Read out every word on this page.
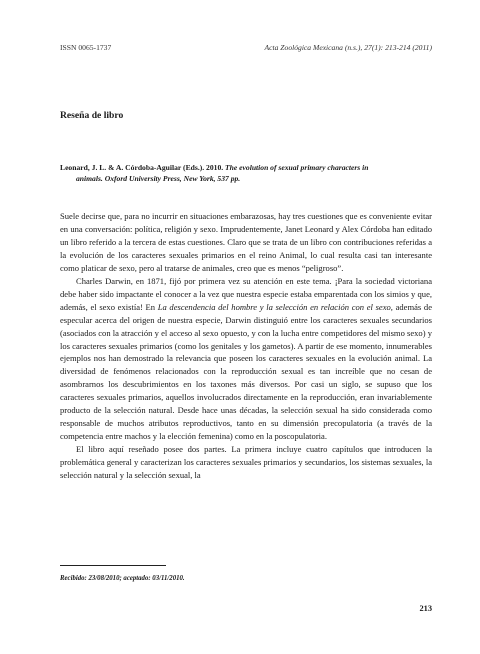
ISSN 0065-1737	Acta Zoológica Mexicana (n.s.), 27(1): 213-214 (2011)
Reseña de libro
Leonard, J. L. & A. Córdoba-Aguilar (Eds.). 2010. The evolution of sexual primary characters in
animals. Oxford University Press, New York, 537 pp.

Suele decirse que, para no incurrir en situaciones embarazosas, hay tres cuestiones que es conveniente evitar en una conversación: política, religión y sexo. Imprudentemente, Janet Leonard y Alex Córdoba han editado un libro referido a la tercera de estas cuestiones. Claro que se trata de un libro con contribuciones referidas a la evolución de los caracteres sexuales primarios en el reino Animal, lo cual resulta casi tan interesante como platicar de sexo, pero al tratarse de animales, creo que es menos “peligroso”.

Charles Darwin, en 1871, fijó por primera vez su atención en este tema. ¡Para la sociedad victoriana debe haber sido impactante el conocer a la vez que nuestra especie estaba emparentada con los simios y que, además, el sexo existía! En La descendencia del hombre y la selección en relación con el sexo, además de especular acerca del origen de nuestra especie, Darwin distinguió entre los caracteres sexuales secundarios (asociados con la atracción y el acceso al sexo opuesto, y con la lucha entre competidores del mismo sexo) y los caracteres sexuales primarios (como los genitales y los gametos). A partir de ese momento, innumerables ejemplos nos han demostrado la relevancia que poseen los caracteres sexuales en la evolución animal. La diversidad de fenómenos relacionados con la reproducción sexual es tan increíble que no cesan de asombrarnos los descubrimientos en los taxones más diversos. Por casi un siglo, se supuso que los caracteres sexuales primarios, aquellos involucrados directamente en la reproducción, eran invariablemente producto de la selección natural. Desde hace unas décadas, la selección sexual ha sido considerada como responsable de muchos atributos reproductivos, tanto en su dimensión precopulatoria (a través de la competencia entre machos y la elección femenina) como en la poscopulatoria.

El libro aquí reseñado posee dos partes. La primera incluye cuatro capítulos que introducen la problemática general y caracterizan los caracteres sexuales primarios y secundarios, los sistemas sexuales, la selección natural y la selección sexual, la

Recibido: 23/08/2010; aceptado: 03/11/2010.
213
